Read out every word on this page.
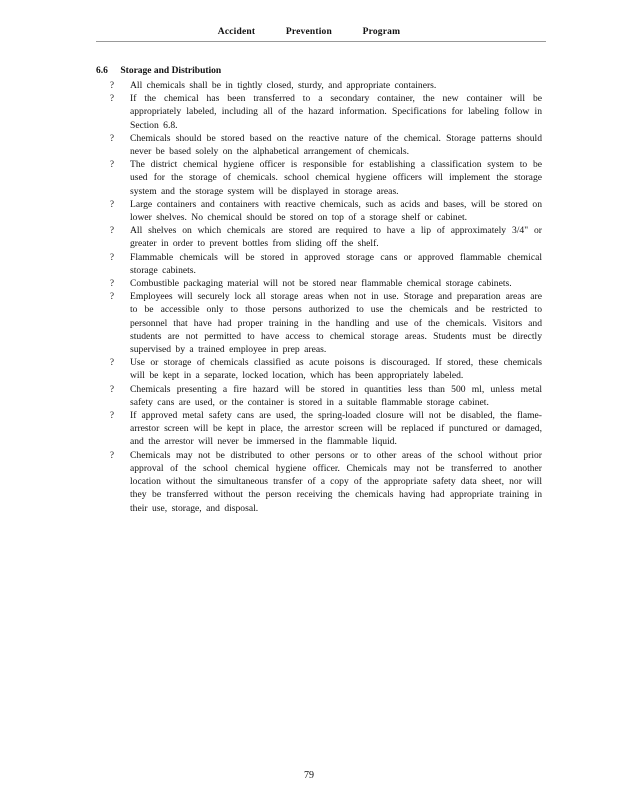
Accident	Prevention	Program
6.6 Storage and Distribution
? All chemicals shall be in tightly closed, sturdy, and appropriate containers.
? If the chemical has been transferred to a secondary container, the new container will be appropriately labeled, including all of the hazard information. Specifications for labeling follow in Section 6.8.
? Chemicals should be stored based on the reactive nature of the chemical. Storage patterns should never be based solely on the alphabetical arrangement of chemicals.
? The district chemical hygiene officer is responsible for establishing a classification system to be used for the storage of chemicals. school chemical hygiene officers will implement the storage system and the storage system will be displayed in storage areas.
? Large containers and containers with reactive chemicals, such as acids and bases, will be stored on lower shelves. No chemical should be stored on top of a storage shelf or cabinet.
? All shelves on which chemicals are stored are required to have a lip of approximately 3/4" or greater in order to prevent bottles from sliding off the shelf.
? Flammable chemicals will be stored in approved storage cans or approved flammable chemical storage cabinets.
? Combustible packaging material will not be stored near flammable chemical storage cabinets.
? Employees will securely lock all storage areas when not in use. Storage and preparation areas are to be accessible only to those persons authorized to use the chemicals and be restricted to personnel that have had proper training in the handling and use of the chemicals. Visitors and students are not permitted to have access to chemical storage areas. Students must be directly supervised by a trained employee in prep areas.
? Use or storage of chemicals classified as acute poisons is discouraged. If stored, these chemicals will be kept in a separate, locked location, which has been appropriately labeled.
? Chemicals presenting a fire hazard will be stored in quantities less than 500 ml, unless metal safety cans are used, or the container is stored in a suitable flammable storage cabinet.
? If approved metal safety cans are used, the spring-loaded closure will not be disabled, the flame-arrestor screen will be kept in place, the arrestor screen will be replaced if punctured or damaged, and the arrestor will never be immersed in the flammable liquid.
? Chemicals may not be distributed to other persons or to other areas of the school without prior approval of the school chemical hygiene officer. Chemicals may not be transferred to another location without the simultaneous transfer of a copy of the appropriate safety data sheet, nor will they be transferred without the person receiving the chemicals having had appropriate training in their use, storage, and disposal.
79
